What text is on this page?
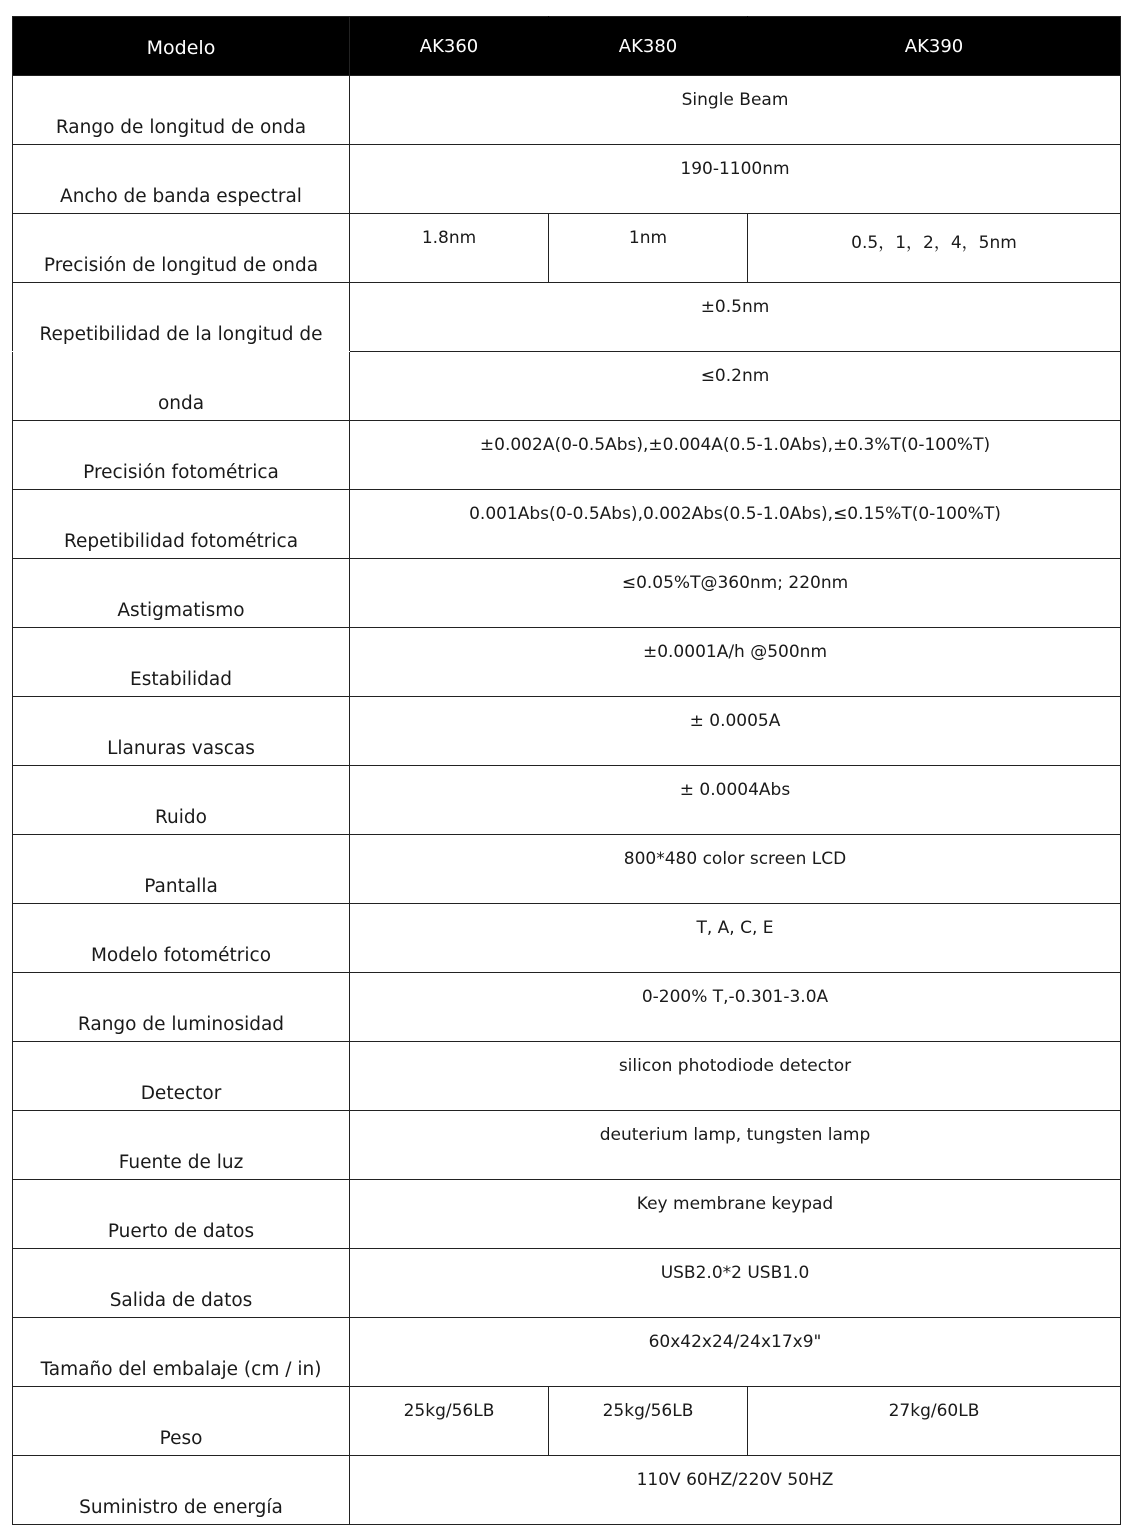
Modelo	AK360	AK380	AK390
Rango de longitud de onda	Single Beam		
Ancho de banda espectral	190-1100nm		
Precisión de longitud de onda	1.8nm	1nm	0.5，1，2，4，5nm
Repetibilidad de la longitud de	±0.5nm		
onda	≤0.2nm		
Precisión fotométrica	±0.002A(0-0.5Abs),±0.004A(0.5-1.0Abs),±0.3%T(0-100%T)		
Repetibilidad fotométrica	0.001Abs(0-0.5Abs),0.002Abs(0.5-1.0Abs),≤0.15%T(0-100%T)		
Astigmatismo	≤0.05%T@360nm; 220nm		
Estabilidad	±0.0001A/h @500nm		
Llanuras vascas	± 0.0005A		
Ruido	± 0.0004Abs		
Pantalla	800*480 color screen LCD		
Modelo fotométrico	T, A, C, E		
Rango de luminosidad	0-200% T,-0.301-3.0A		
Detector	silicon photodiode detector		
Fuente de luz	deuterium lamp, tungsten lamp		
Puerto de datos	Key membrane keypad		
Salida de datos	USB2.0*2 USB1.0		
Tamaño del embalaje (cm / in)	60x42x24/24x17x9"		
Peso	25kg/56LB	25kg/56LB	27kg/60LB
Suministro de energía	110V 60HZ/220V 50HZ		
